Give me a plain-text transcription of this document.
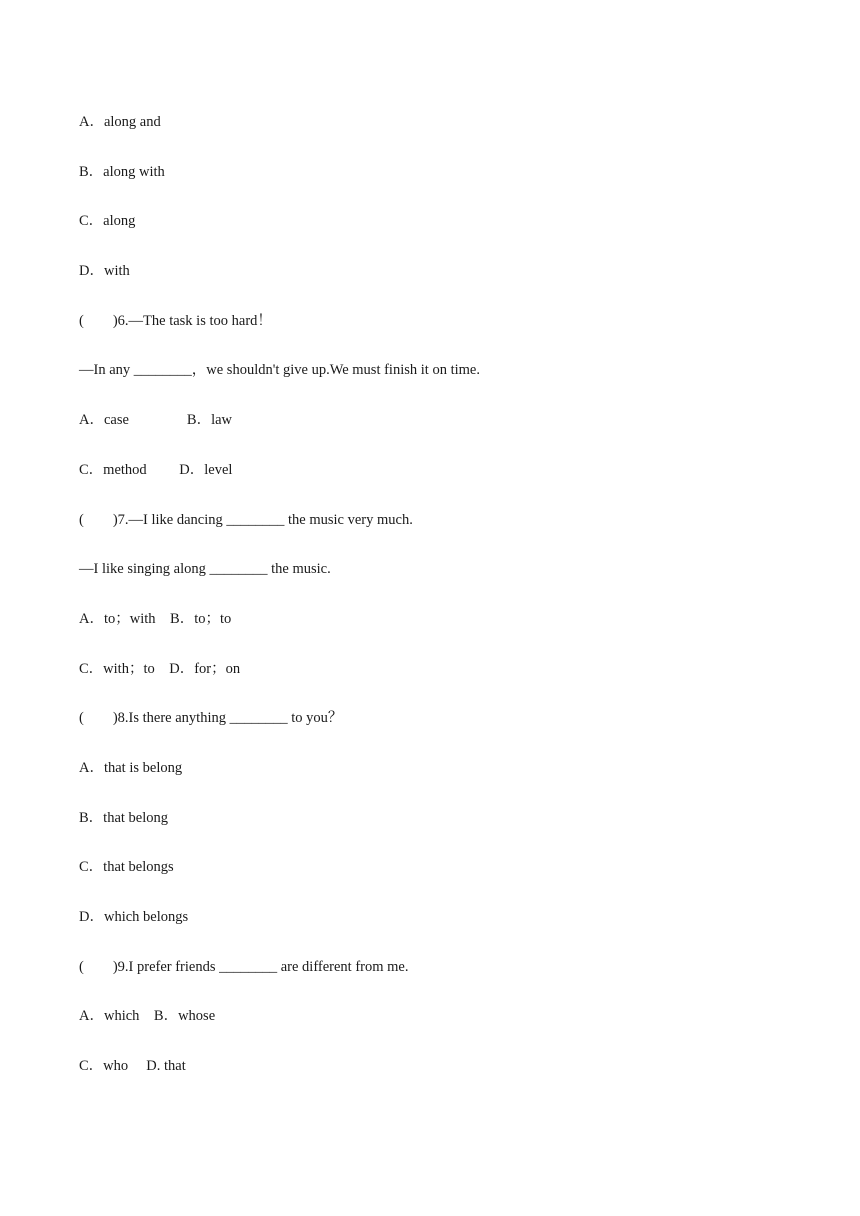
A．along and
B．along with
C．along
D．with
(　　)6.—The task is too hard！
—In any ________，we shouldn't give up.We must finish it on time.
A．case　　　　B．law
C．method　　 D．level
(　　)7.—I like dancing ________ the music very much.
—I like singing along ________ the music.
A．to；with　B．to；to
C．with；to　D．for；on
(　　)8.Is there anything ________ to you？
A．that is belong
B．that belong
C．that belongs
D．which belongs
(　　)9.I prefer friends ________ are different from me.
A．which　B．whose
C．who　 D. that
